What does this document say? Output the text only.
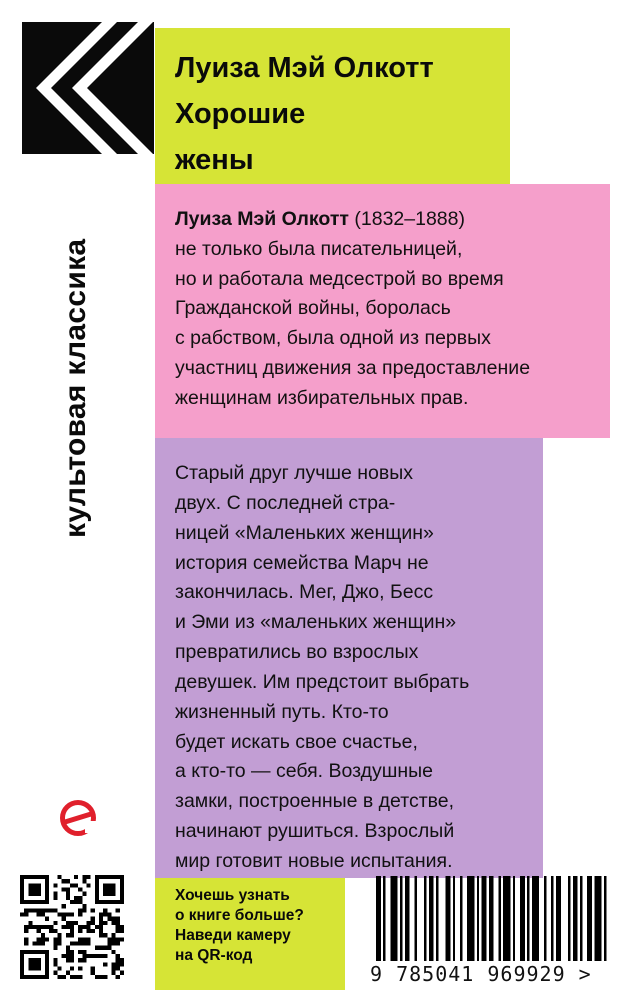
культовая классика
Луиза Мэй Олкотт
Хорошие
жены
Луиза Мэй Олкотт (1832–1888)
не только была писательницей,
но и работала медсестрой во время
Гражданской войны, боролась
с рабством, была одной из первых
участниц движения за предоставление
женщинам избирательных прав.
Старый друг лучше новых
двух. С последней стра-
ницей «Маленьких женщин»
история семейства Марч не
закончилась. Мег, Джо, Бесс
и Эми из «маленьких женщин»
превратились во взрослых
девушек. Им предстоит выбрать
жизненный путь. Кто-то
будет искать свое счастье,
а кто-то — себя. Воздушные
замки, построенные в детстве,
начинают рушиться. Взрослый
мир готовит новые испытания.
Хочешь узнать
о книге больше?
Наведи камеру
на QR-код
9 785041 969929 >
